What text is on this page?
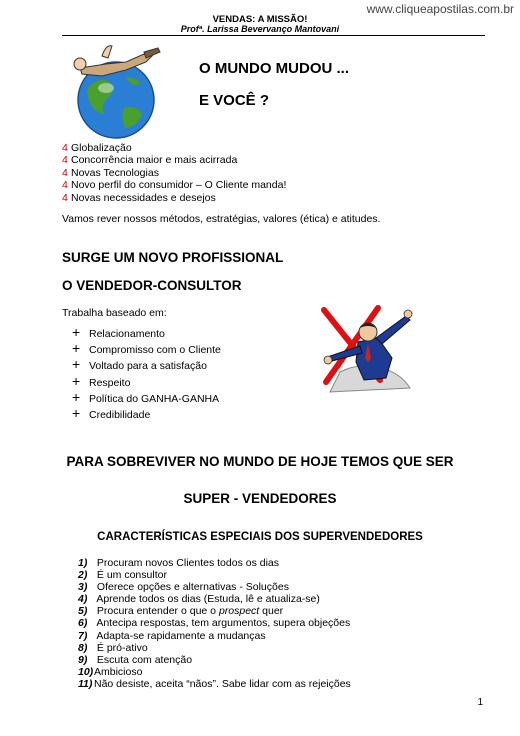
www.cliqueapostilas.com.br
VENDAS: A MISSÃO!
Profª. Larissa Bevervanço Mantovani
O MUNDO MUDOU ...
E VOCÊ ?
4 Globalização
4 Concorrência maior e mais acirrada
4 Novas Tecnologias
4 Novo perfil do consumidor – O Cliente manda!
4 Novas necessidades e desejos
Vamos rever nossos métodos, estratégias, valores (ética) e atitudes.
SURGE UM NOVO PROFISSIONAL
O VENDEDOR-CONSULTOR
Trabalha baseado em:
+ Relacionamento
+ Compromisso com o Cliente
+ Voltado para a satisfação
+ Respeito
+ Política do GANHA-GANHA
+ Credibilidade
PARA SOBREVIVER NO MUNDO DE HOJE TEMOS QUE SER
SUPER - VENDEDORES
CARACTERÍSTICAS ESPECIAIS DOS SUPERVENDEDORES
1) Procuram novos Clientes todos os dias
2) É um consultor
3) Oferece opções e alternativas - Soluções
4) Aprende todos os dias (Estuda, lê e atualiza-se)
5) Procura entender o que o prospect quer
6) Antecipa respostas, tem argumentos, supera objeções
7) Adapta-se rapidamente a mudanças
8) É pró-ativo
9) Escuta com atenção
10)Ambicioso
11) Não desiste, aceita “nãos”. Sabe lidar com as rejeições
1
